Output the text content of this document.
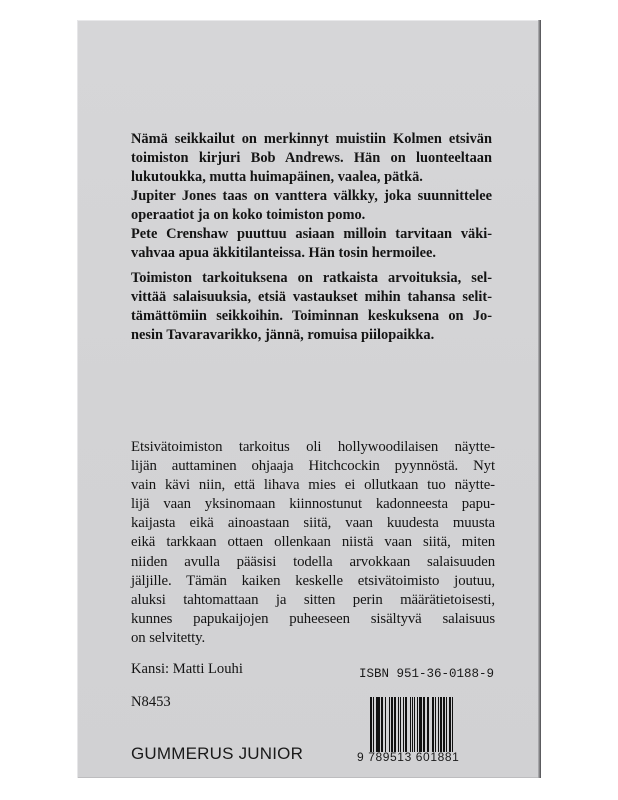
Nämä seikkailut on merkinnyt muistiin Kolmen etsivän
toimiston kirjuri Bob Andrews. Hän on luonteeltaan
lukutoukka, mutta huimapäinen, vaalea, pätkä.
Jupiter Jones taas on vanttera välkky, joka suunnittelee
operaatiot ja on koko toimiston pomo.
Pete Crenshaw puuttuu asiaan milloin tarvitaan väki-
vahvaa apua äkkitilanteissa. Hän tosin hermoilee.

Toimiston tarkoituksena on ratkaista arvoituksia, sel-
vittää salaisuuksia, etsiä vastaukset mihin tahansa selit-
tämättömiin seikkoihin. Toiminnan keskuksena on Jo-
nesin Tavaravarikko, jännä, romuisa piilopaikka.

Etsivätoimiston tarkoitus oli hollywoodilaisen näytte-
lijän auttaminen ohjaaja Hitchcockin pyynnöstä. Nyt
vain kävi niin, että lihava mies ei ollutkaan tuo näytte-
lijä vaan yksinomaan kiinnostunut kadonneesta papu-
kaijasta eikä ainoastaan siitä, vaan kuudesta muusta
eikä tarkkaan ottaen ollenkaan niistä vaan siitä, miten
niiden avulla pääsisi todella arvokkaan salaisuuden
jäljille. Tämän kaiken keskelle etsivätoimisto joutuu,
aluksi tahtomattaan ja sitten perin määrätietoisesti,
kunnes papukaijojen puheeseen sisältyvä salaisuus
on selvitetty.

Kansi: Matti Louhi
N8453
GUMMERUS JUNIOR
ISBN 951-36-0188-9
9 789513 601881
